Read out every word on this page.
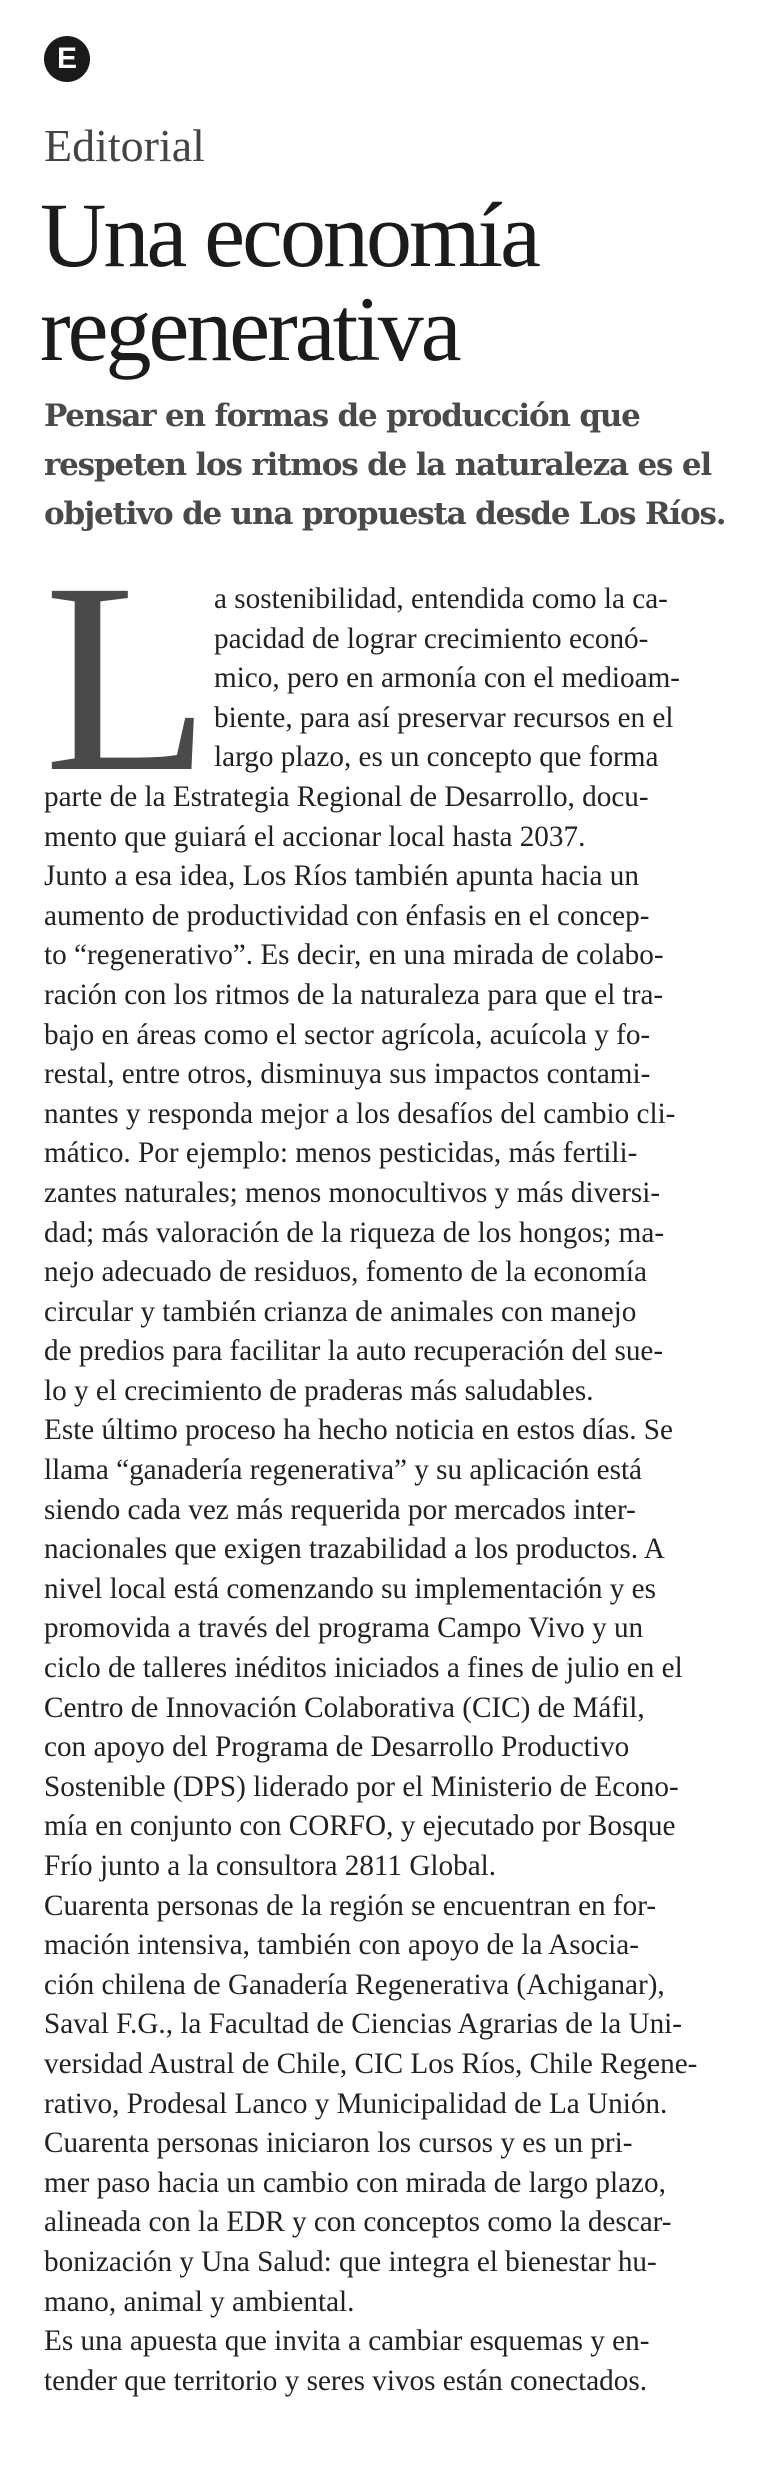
E
Editorial
Una economía
regenerativa
Pensar en formas de producción que
respeten los ritmos de la naturaleza es el
objetivo de una propuesta desde Los Ríos.
L a sostenibilidad, entendida como la ca-
pacidad de lograr crecimiento econó-
mico, pero en armonía con el medioam-
biente, para así preservar recursos en el
largo plazo, es un concepto que forma
parte de la Estrategia Regional de Desarrollo, docu-
mento que guiará el accionar local hasta 2037.
Junto a esa idea, Los Ríos también apunta hacia un
aumento de productividad con énfasis en el concep-
to “regenerativo”. Es decir, en una mirada de colabo-
ración con los ritmos de la naturaleza para que el tra-
bajo en áreas como el sector agrícola, acuícola y fo-
restal, entre otros, disminuya sus impactos contami-
nantes y responda mejor a los desafíos del cambio cli-
mático. Por ejemplo: menos pesticidas, más fertili-
zantes naturales; menos monocultivos y más diversi-
dad; más valoración de la riqueza de los hongos; ma-
nejo adecuado de residuos, fomento de la economía
circular y también crianza de animales con manejo
de predios para facilitar la auto recuperación del sue-
lo y el crecimiento de praderas más saludables.
Este último proceso ha hecho noticia en estos días. Se
llama “ganadería regenerativa” y su aplicación está
siendo cada vez más requerida por mercados inter-
nacionales que exigen trazabilidad a los productos. A
nivel local está comenzando su implementación y es
promovida a través del programa Campo Vivo y un
ciclo de talleres inéditos iniciados a fines de julio en el
Centro de Innovación Colaborativa (CIC) de Máfil,
con apoyo del Programa de Desarrollo Productivo
Sostenible (DPS) liderado por el Ministerio de Econo-
mía en conjunto con CORFO, y ejecutado por Bosque
Frío junto a la consultora 2811 Global.
Cuarenta personas de la región se encuentran en for-
mación intensiva, también con apoyo de la Asocia-
ción chilena de Ganadería Regenerativa (Achiganar),
Saval F.G., la Facultad de Ciencias Agrarias de la Uni-
versidad Austral de Chile, CIC Los Ríos, Chile Regene-
rativo, Prodesal Lanco y Municipalidad de La Unión.
Cuarenta personas iniciaron los cursos y es un pri-
mer paso hacia un cambio con mirada de largo plazo,
alineada con la EDR y con conceptos como la descar-
bonización y Una Salud: que integra el bienestar hu-
mano, animal y ambiental.
Es una apuesta que invita a cambiar esquemas y en-
tender que territorio y seres vivos están conectados.
